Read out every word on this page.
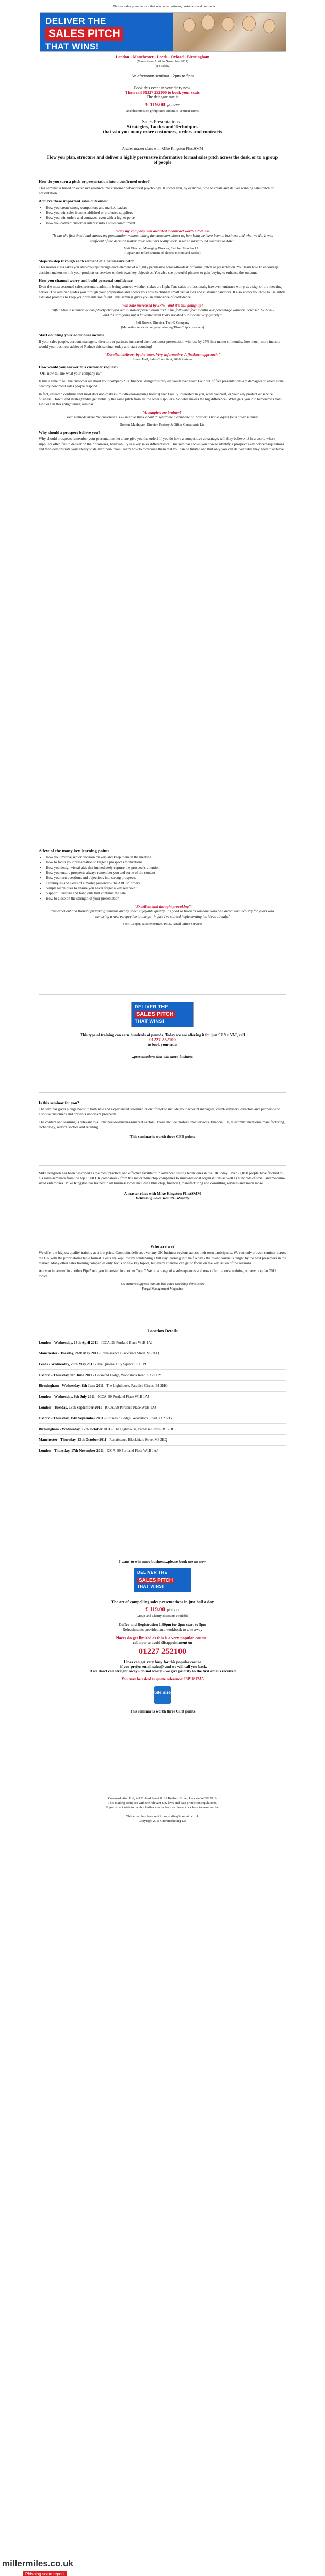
... Deliver sales presentations that win more business, customers and contracts
DELIVER THE
SALES PITCH
THAT WINS!
London - Manchester - Leeds - Oxford - Birmingham
(Venue from April to November 2011)
(see below)
An afternoon seminar - 2pm to 5pm
Book this event in your diary now.
Then call 01227 252100 to book your seats
The delegate rate is
£ 119.00 plus VAT
and discounts on group rates and multi-seminar terms
Sales Presentations -
Strategies, Tactics and Techniques
that win you many more customers, orders and contracts
A sales master class with Mike Kingston FInstSMM
How you plan, structure and deliver a highly persuasive informative formal sales pitch across the desk, or to a group of people
How do you turn a pitch or presentation into a confirmed order?

This seminar is based on extensive research into customer behavioural psychology. It shows you, by example, how to create and deliver winning sales pitch or presentation.

Achieve these important sales outcomes:
• How you create strong competitors and market leaders
• How you win sales from established or preferred suppliers
• How you win orders and contracts, even with a higher price
• How you convert customer interest into a solid commitment
Today my company was awarded a contract worth £750,000.
"It was the first time I had started my presentation without telling the customers about us, how long we have been in business and what we do. It was confident of the decision maker. Your seminars really work. It was a turnaround contract to date."
Matt Fletcher, Managing Director, Fletcher Moorland Ltd
(Repair and refurbishment of electric motors and cables)
Step-by-step through each element of a persuasive pitch

This master class takes you step-by-step through each element of a highly persuasive across-the-desk or formal pitch or presentation. You learn how to encourage decision makers to link your products or services to their own key objectives. You also see powerful phrases to gain buying to enhance the outcome.

How you channel worry and build personal confidence

Even the most seasoned sales presenters admit to being worried whether stakes are high. True sales professionals, however, embrace worry as a sign of pre-meeting nerves. The seminar guides you through your preparation and shows you how to channel small visual aids and customer handouts. It also shows you how to use subtle aids and prompts to keep your presentation fluent. This seminar gives you an abundance of confidence.

Win rate increased by 27% - and it's still going up!
"After Mike's seminar we completely changed our customer presentation and in the following four months our percentage winners increased by 27% - and it's still going up! A fantastic event that's boosted our income very quickly."
Phil Brown, Director, The H2 Company
(Marketing services company winning 'Blue Chip' customers)
Start counting your additional income

If your sales people, account managers, directors or partners increased their customer presentation win rate by 27% in a matter of months, how much more income would your business achieve? Reduce this seminar today and start counting!

"Excellent delivery by the tutor. Very informative. A firstborn approach."
Simon Hall, Sales Consultant, 2020 Systems
How would you answer this customer request?

"OK, now tell me what your company is?"

Is this a time to tell the customer all about your company? Or financial dangerous request you'll ever hear? Four out of five presentations are damaged or killed stone dead by how most sales people respond.

In fact, research confirms that most decision-makers (middle-non-making boards) aren't really interested in you, what yourself, or your key product or service business! How it and strategyandist get virtually the same pitch from all the other suppliers? So what makes the big difference? What gets you into tomorrow's box? Find out in this enlightening seminar.

'A complete no brainer!'
Your methods make the customer's 'Fill need to think about it' syndrome a complete no brainer! Thanks again for a great seminar.
Duncan MacIntyre, Director, Factory & Office Consultants Ltd.
Why should a prospect believe you?

Why should prospects remember your presentation, let alone give you the order? If you do have a competitive advantage, will they believe it? In a world where suppliers often fail to deliver on their promises, believability is a key sales differentiator. This seminar shows you how to identify a prospect's key concerns/questions and then demonstrate your ability to deliver them. You'll learn how to overcome them that you can be trusted and that only you can deliver what they need to achieve.

A few of the many key learning points
• How you involve senior decision makers and keep them in the meeting
• How to focus your presentation to target a prospect's motivations
• How you design visual aids that immediately capture the prospect's attention
• How you ensure prospects always remember you and some of the content
• How you turn questions and objections into strong prospects
• Techniques and skills of a master presenter - the ABC to order's
• Simple techniques to ensure you never forget a key sell point
• Support literature and hand outs that continue the sale
• How to close on the strength of your presentation
"Excellent and thought provoking"
"An excellent and thought provoking seminar and by sheer enjoyable quality. It's good to listen to someone who has known this industry for years who can bring a new perspective to things - in fact I've started implementing his ideas already."
Scott Cooper, sales executive, P.R.S. Retail Office Services
DELIVER THE
SALES PITCH
THAT WINS!
This type of training can earn hundreds of pounds. Today we are offering it for just £119 + VAT, call
01227 252100
to book your seats
..presentations that win more business
Is this seminar for you?

The seminar gives a huge boost to both new and experienced salesmen. Don't forget to include your account managers, client-servicers, directors and partners who also use customers and presents important prospects.

The content and learning is relevant to all business-to-business-market sectors. These include professional services, financial, IT, telecommunications, manufacturing, technology, service sectors and retailing.

This seminar is worth three CPD points

Mike Kingston has been described as the most practical and effective facilitator in advanced selling techniques in the UK today. Over 22,000 people have flocked to his sales-seminars from the top 1,000 UK companies - from the major 'blue chip' companies to multi-national organisations as well as hundreds of small and medium-sized enterprises. Mike Kingston has trained in all business types including blue chip, financial, manufacturing and consulting services and much more.

A master class with Mike Kingston FInstSMM
Delivering Sales Results...Rapidly
Who are we?

We offer the highest quality training at a low price. Cronpoint delivers over any UK business regions across their own participants. We run only proven seminar across the UK with the proprietorial table format. Costs are kept low by condensing a full day learning into half a day - the client course is taught by the best presenters in the market. Many other sales training companies only focus on few key topics, but every attendee can get to focus on the key issues of the sessions.

Are you interested in another Pipe? Are you interested in another Topic? We do a range of 4 subsequences and now offer in-house training on very popular 2011 topics.

"Six stations suggests that this like-rated workshop demolishes"
Fergal Management Magazine
Location Details
London - Wednesday, 13th April 2011 - ICCA, 99 Portland Place W1B 1AJ
Manchester - Tuesday, 26th May 2011 - Renaissance Blackfriars Street M3 2EQ
Leeds - Wednesday, 26th May 2011 - The Queens, City Square LS1 1PJ
Oxford - Thursday, 9th June 2011 - Cotswold Lodge, Woodstock Road OX2 6HY
Birmingham - Wednesday, 8th June 2011 - The Lighthouse, Paradise Circus, B1 2HG
London - Wednesday, 6th July 2011 - ICCA, 99 Portland Place W1B 1AJ
London - Tuesday, 13th September 2011 - ICCA, 99 Portland Place W1B 1AJ
Oxford - Thursday, 15th September 2011 - Cotswold Lodge, Woodstock Road OX2 6HY
Birmingham - Wednesday, 12th October 2011 - The Lighthouse, Paradise Circus, B1 2HG
Manchester - Thursday, 13th October 2011 - Renaissance Blackfriars Street M3 2EQ
London - Thursday, 17th November 2011 - ICCA, 99 Portland Place W1B 1AJ
I want to win more business...please book me on now
DELIVER THE
SALES PITCH
THAT WINS!
The art of compelling sales presentations in just half a day
£ 119.00 plus VAT
(Group and Charity discounts available)
Coffee and Registration 1.30pm for 2pm start to 5pm
Refreshments provided and workbook to take away
Places do get limited as this is a very popular course...
call now to avoid disappointment on
01227 252100
Lines can get very busy for this popular course
- if you prefer, email sales@ and we will call you back.
If we don't call straight away - do not worry - we give priority to the first emails received
You may be asked to quote reference: ISP10/12A5
bite size
This seminar is worth three CPD points
Cronmarketing Ltd, 4-9 Oxford Street & 81 Bedford Street, London WC2E 9HA
This mailing complies with the relevant UK laws and data protection regulations.
If you do not wish to receive further emails from us please click here to unsubscribe.
This email has been sent to subscriber@domain.co.uk
Copyright 2011 Cronmarketing Ltd
millermiles.co.uk
Phishing scam report
